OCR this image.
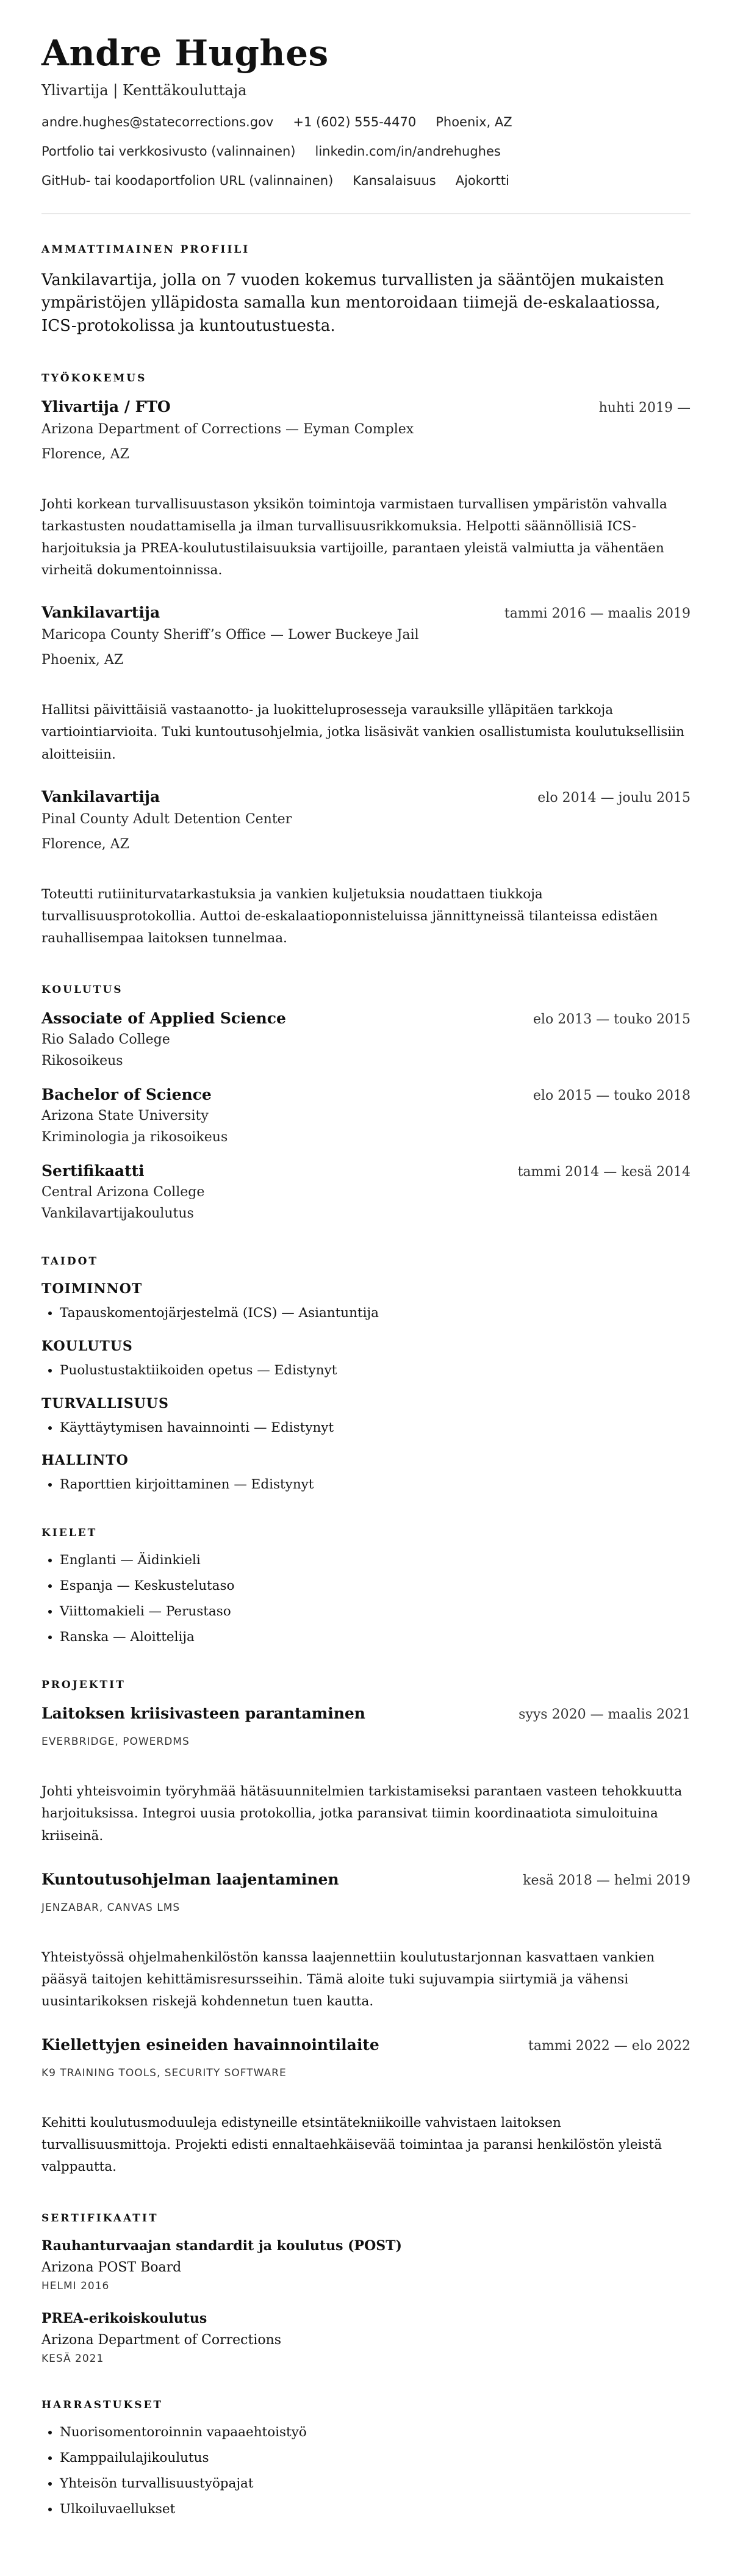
Andre Hughes
Ylivartija | Kenttäkouluttaja
andre.hughes@statecorrections.gov +1 (602) 555-4470 Phoenix, AZ
Portfolio tai verkkosivusto (valinnainen) linkedin.com/in/andrehughes
GitHub- tai koodaportfolion URL (valinnainen) Kansalaisuus Ajokortti
AMMATTIMAINEN PROFIILI

Vankilavartija, jolla on 7 vuoden kokemus turvallisten ja sääntöjen mukaisten ympäristöjen ylläpidosta samalla kun mentoroidaan tiimejä de-eskalaatiossa, ICS-protokolissa ja kuntoutustuesta.

TYÖKOKEMUS
Ylivartija / FTO	huhti 2019 —
Arizona Department of Corrections — Eyman Complex
Florence, AZ
Johti korkean turvallisuustason yksikön toimintoja varmistaen turvallisen ympäristön vahvalla tarkastusten noudattamisella ja ilman turvallisuusrikkomuksia. Helpotti säännöllisiä ICS-harjoituksia ja PREA-koulutustilaisuuksia vartijoille, parantaen yleistä valmiutta ja vähentäen virheitä dokumentoinnissa.
Vankilavartija	tammi 2016 — maalis 2019
Maricopa County Sheriff’s Office — Lower Buckeye Jail
Phoenix, AZ
Hallitsi päivittäisiä vastaanotto- ja luokitteluprosesseja varauksille ylläpitäen tarkkoja vartiointiarvioita. Tuki kuntoutusohjelmia, jotka lisäsivät vankien osallistumista koulutuksellisiin aloitteisiin.
Vankilavartija	elo 2014 — joulu 2015
Pinal County Adult Detention Center
Florence, AZ
Toteutti rutiiniturvatarkastuksia ja vankien kuljetuksia noudattaen tiukkoja turvallisuusprotokollia. Auttoi de-eskalaatioponnisteluissa jännittyneissä tilanteissa edistäen rauhallisempaa laitoksen tunnelmaa.
KOULUTUS
Associate of Applied Science	elo 2013 — touko 2015
Rio Salado College
Rikosoikeus
Bachelor of Science	elo 2015 — touko 2018
Arizona State University
Kriminologia ja rikosoikeus
Sertifikaatti	tammi 2014 — kesä 2014
Central Arizona College
Vankilavartijakoulutus
TAIDOT
TOIMINNOT
• Tapauskomentojärjestelmä (ICS) — Asiantuntija
KOULUTUS
• Puolustustaktiikoiden opetus — Edistynyt
TURVALLISUUS
• Käyttäytymisen havainnointi — Edistynyt
HALLINTO
• Raporttien kirjoittaminen — Edistynyt
KIELET
• Englanti — Äidinkieli
• Espanja — Keskustelutaso
• Viittomakieli — Perustaso
• Ranska — Aloittelija
PROJEKTIT
Laitoksen kriisivasteen parantaminen	syys 2020 — maalis 2021
EVERBRIDGE, POWERDMS
Johti yhteisvoimin työryhmää hätäsuunnitelmien tarkistamiseksi parantaen vasteen tehokkuutta harjoituksissa. Integroi uusia protokollia, jotka paransivat tiimin koordinaatiota simuloituina kriiseinä.
Kuntoutusohjelman laajentaminen	kesä 2018 — helmi 2019
JENZABAR, CANVAS LMS
Yhteistyössä ohjelmahenkilöstön kanssa laajennettiin koulutustarjonnan kasvattaen vankien pääsyä taitojen kehittämisresursseihin. Tämä aloite tuki sujuvampia siirtymiä ja vähensi uusintarikoksen riskejä kohdennetun tuen kautta.
Kiellettyjen esineiden havainnointilaite	tammi 2022 — elo 2022
K9 TRAINING TOOLS, SECURITY SOFTWARE
Kehitti koulutusmoduuleja edistyneille etsintätekniikoille vahvistaen laitoksen turvallisuusmittoja. Projekti edisti ennaltaehkäisevää toimintaa ja paransi henkilöstön yleistä valppautta.
SERTIFIKAATIT
Rauhanturvaajan standardit ja koulutus (POST)
Arizona POST Board
HELMI 2016
PREA-erikoiskoulutus
Arizona Department of Corrections
KESÄ 2021
HARRASTUKSET
• Nuorisomentoroinnin vapaaehtoistyö
• Kamppailulajikoulutus
• Yhteisön turvallisuustyöpajat
• Ulkoiluvaellukset
